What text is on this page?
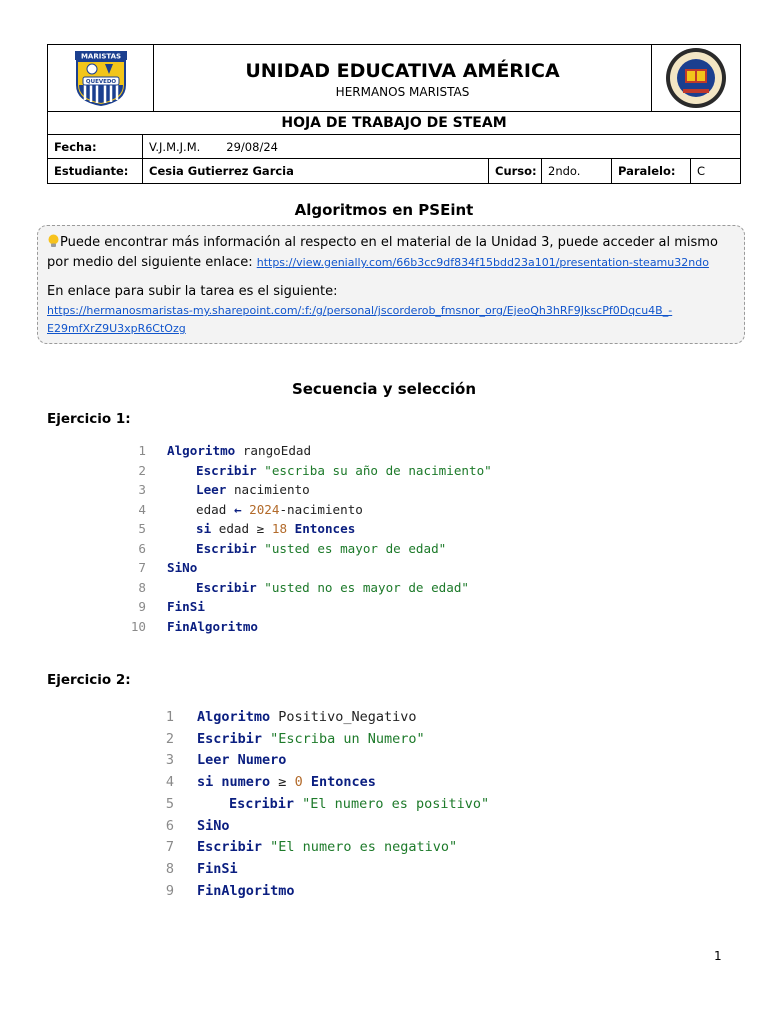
MARISTAS
QUEVEDO
UNIDAD EDUCATIVA AMÉRICA
HERMANOS MARISTAS
HOJA DE TRABAJO DE STEAM
Fecha:	V.J.M.J.M. 29/08/24
Estudiante:	Cesia Gutierrez Garcia	Curso: 2ndo.	Paralelo:	C
Algoritmos en PSEint
Puede encontrar más información al respecto en el material de la Unidad 3, puede acceder al mismo por medio del siguiente enlace: https://view.genially.com/66b3cc9df834f15bdd23a101/presentation-steamu32ndo
En enlace para subir la tarea es el siguiente:
https://hermanosmaristas-my.sharepoint.com/:f:/g/personal/jscorderob_fmsnor_org/EjeoQh3hRF9JkscPf0Dqcu4B_-
E29mfXrZ9U3xpR6CtOzg
Secuencia y selección
Ejercicio 1:
1 Algoritmo rangoEdad
2	Escribir "escriba su año de nacimiento"
3	Leer nacimiento
4	edad ← 2024-nacimiento
5	si edad ≥ 18 Entonces
6	Escribir "usted es mayor de edad"
7 SiNo
8	Escribir "usted no es mayor de edad"
9 FinSi
10 FinAlgoritmo
Ejercicio 2:
1 Algoritmo Positivo_Negativo
2 Escribir "Escriba un Numero"
3 Leer Numero
4 si numero ≥ 0 Entonces
5	Escribir "El numero es positivo"
6 SiNo
7 Escribir "El numero es negativo"
8 FinSi
9 FinAlgoritmo
1
